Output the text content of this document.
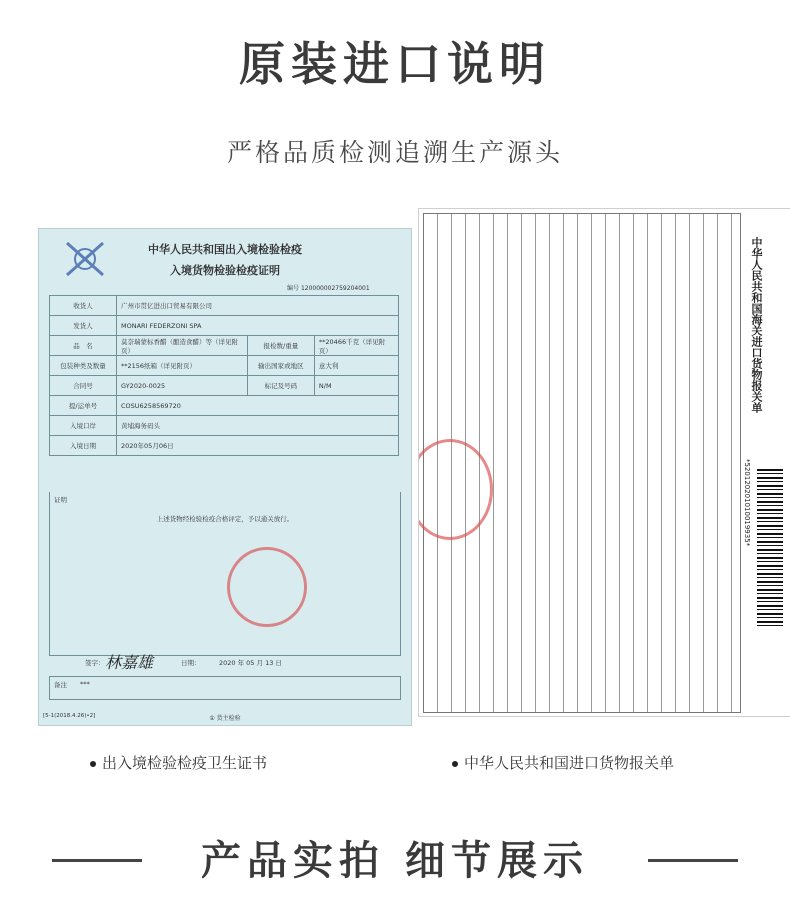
原装进口说明
严格品质检测追溯生产源头
中华人民共和国出入境检验检疫
入境货物检验检疫证明
编号 120000002759204001
收货人	广州市贯亿进出口贸易有限公司		
发货人	MONARI FEDERZONI SPA		
品　名	莫奈瑞蒙标香醋（酿造食醋）等（详见附页）	报检数/重量	**20466千克（详见附页）
包装种类及数量	**2156纸箱（详见附页）	输出国家或地区	意大利
合同号	GY2020-0025	标记及号码	N/M
提/运单号	COSU6258569720		
入境口岸	黄埔海务码头		
入境日期	2020年05月06日		
证明
上述货物经检验检疫合格评定，予以通关放行。
签字： 林嘉雄	日期：	2020 年 05 月 13 日
备注 ***
[5-1(2018.4.26)•2]	① 货主检验
中华人民共和国海关进口货物报关单
*520120201010019935*
出入境检验检疫卫生证书	中华人民共和国进口货物报关单
产品实拍 细节展示
